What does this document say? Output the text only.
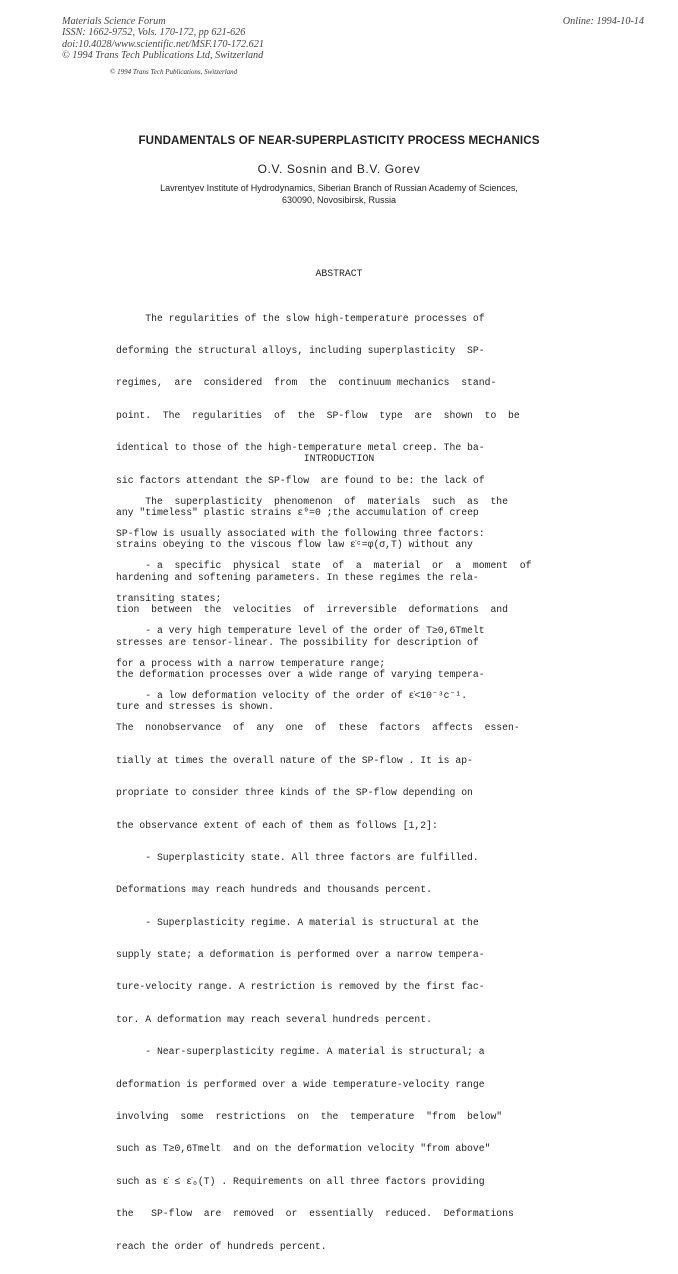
Materials Science Forum
ISSN: 1662-9752, Vols. 170-172, pp 621-626
doi:10.4028/www.scientific.net/MSF.170-172.621
© 1994 Trans Tech Publications Ltd, Switzerland
Online: 1994-10-14
© 1994 Trans Tech Publications, Switzerland
FUNDAMENTALS OF NEAR-SUPERPLASTICITY PROCESS MECHANICS
O.V. Sosnin and B.V. Gorev
Lavrentyev Institute of Hydrodynamics, Siberian Branch of Russian Academy of Sciences,
630090, Novosibirsk, Russia
ABSTRACT

The regularities of the slow high-temperature processes of

deforming the structural alloys, including superplasticity  SP-

regimes,  are  considered  from  the  continuum mechanics  stand-

point.  The  regularities  of  the  SP-flow  type  are  shown  to  be

identical to those of the high-temperature metal creep. The ba-

sic factors attendant the SP-flow  are found to be: the lack of

any "timeless" plastic strains ε⁰=0 ;the accumulation of creep

strains obeying to the viscous flow law ε̇ᶜ=φ(σ,T) without any

hardening and softening parameters. In these regimes the rela-

tion  between  the  velocities  of  irreversible  deformations  and

stresses are tensor-linear. The possibility for description of

the deformation processes over a wide range of varying tempera-

ture and stresses is shown.

INTRODUCTION

The  superplasticity  phenomenon  of  materials  such  as  the

SP-flow is usually associated with the following three factors:

- a  specific  physical  state  of  a  material  or  a  moment  of

transiting states;

- a very high temperature level of the order of T≥0,6Tmelt

for a process with a narrow temperature range;

- a low deformation velocity of the order of ε̇<10⁻³c⁻¹.

The  nonobservance  of  any  one  of  these  factors  affects  essen-

tially at times the overall nature of the SP-flow . It is ap-

propriate to consider three kinds of the SP-flow depending on

the observance extent of each of them as follows [1,2]:

- Superplasticity state. All three factors are fulfilled.

Deformations may reach hundreds and thousands percent.

- Superplasticity regime. A material is structural at the

supply state; a deformation is performed over a narrow tempera-

ture-velocity range. A restriction is removed by the first fac-

tor. A deformation may reach several hundreds percent.

- Near-superplasticity regime. A material is structural; a

deformation is performed over a wide temperature-velocity range

involving  some  restrictions  on  the  temperature  "from  below"

such as T≥0,6Tmelt  and on the deformation velocity "from above"

such as ε̇ ≤ ε̇₀(T) . Requirements on all three factors providing

the   SP-flow  are  removed  or  essentially  reduced.  Deformations

reach the order of hundreds percent.
